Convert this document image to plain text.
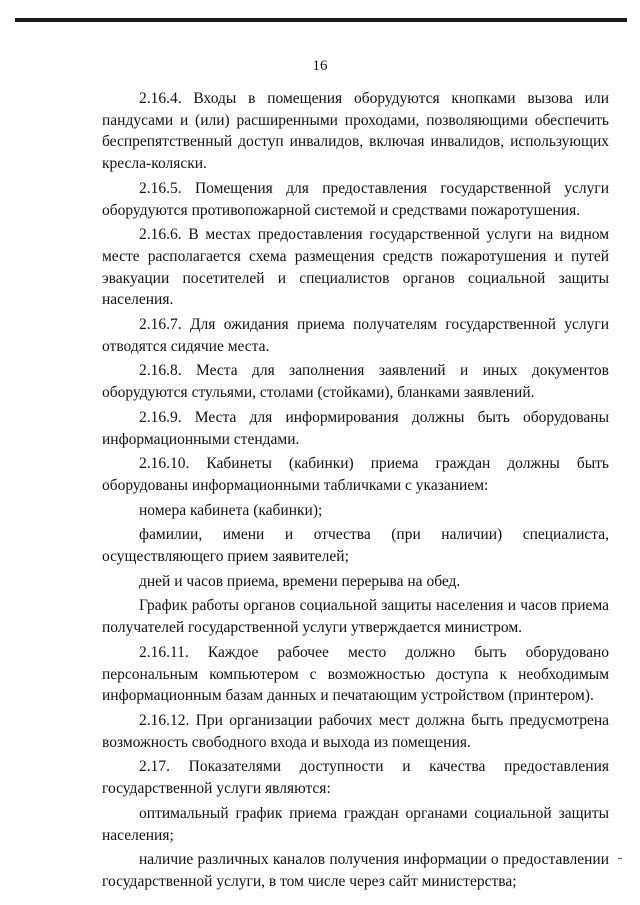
16

2.16.4. Входы в помещения оборудуются кнопками вызова или пандусами и (или) расширенными проходами, позволяющими обеспечить беспрепятственный доступ инвалидов, включая инвалидов, использующих кресла-коляски.

2.16.5. Помещения для предоставления государственной услуги оборудуются противопожарной системой и средствами пожаротушения.

2.16.6. В местах предоставления государственной услуги на видном месте располагается схема размещения средств пожаротушения и путей эвакуации посетителей и специалистов органов социальной защиты населения.

2.16.7. Для ожидания приема получателям государственной услуги отводятся сидячие места.

2.16.8. Места для заполнения заявлений и иных документов оборудуются стульями, столами (стойками), бланками заявлений.

2.16.9. Места для информирования должны быть оборудованы информационными стендами.

2.16.10. Кабинеты (кабинки) приема граждан должны быть оборудованы информационными табличками с указанием:

номера кабинета (кабинки);

фамилии, имени и отчества (при наличии) специалиста, осуществляющего прием заявителей;

дней и часов приема, времени перерыва на обед.

График работы органов социальной защиты населения и часов приема получателей государственной услуги утверждается министром.

2.16.11. Каждое рабочее место должно быть оборудовано персональным компьютером с возможностью доступа к необходимым информационным базам данных и печатающим устройством (принтером).

2.16.12. При организации рабочих мест должна быть предусмотрена возможность свободного входа и выхода из помещения.

2.17. Показателями доступности и качества предоставления государственной услуги являются:

оптимальный график приема граждан органами социальной защиты населения;

наличие различных каналов получения информации о предоставлении государственной услуги, в том числе через сайт министерства;
